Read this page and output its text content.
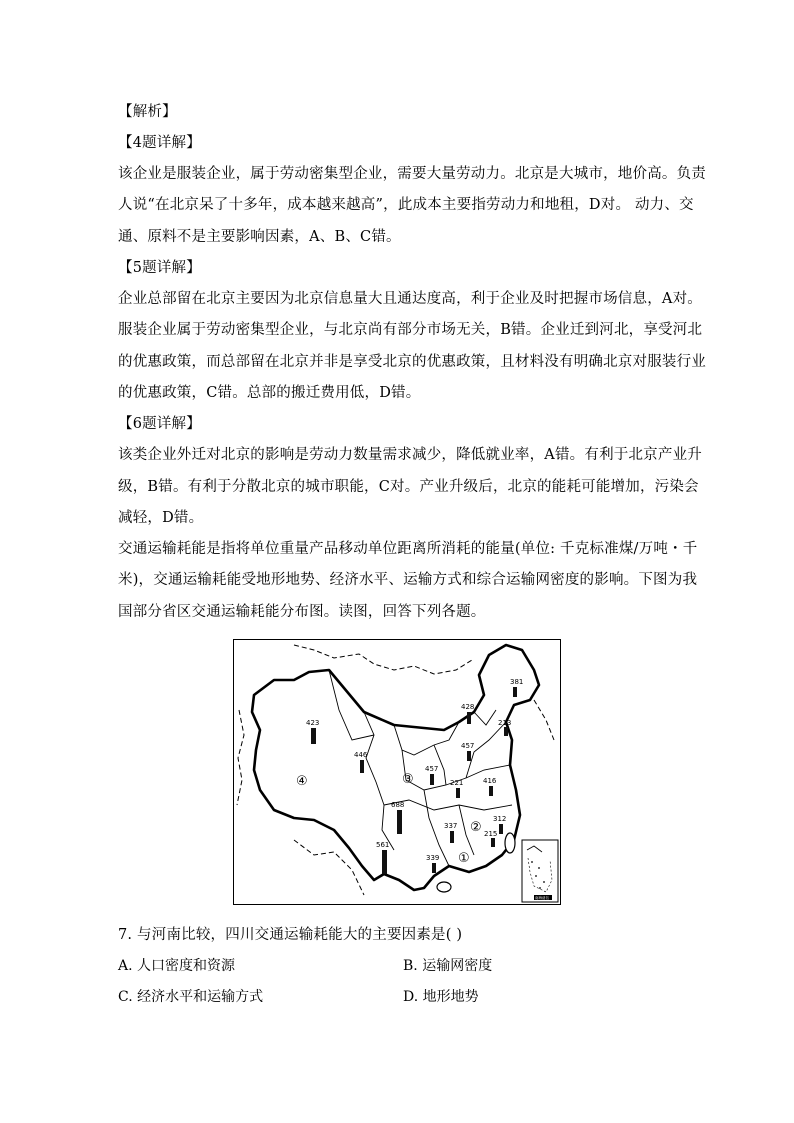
【解析】
【4题详解】
该企业是服装企业，属于劳动密集型企业，需要大量劳动力。北京是大城市，地价高。负责
人说“在北京呆了十多年，成本越来越高”，此成本主要指劳动力和地租，D对。 动力、交
通、原料不是主要影响因素，A、B、C错。
【5题详解】
企业总部留在北京主要因为北京信息量大且通达度高，利于企业及时把握市场信息，A对。
服装企业属于劳动密集型企业，与北京尚有部分市场无关，B错。企业迁到河北，享受河北
的优惠政策，而总部留在北京并非是享受北京的优惠政策，且材料没有明确北京对服装行业
的优惠政策，C错。总部的搬迁费用低，D错。
【6题详解】
该类企业外迁对北京的影响是劳动力数量需求减少，降低就业率，A错。有利于北京产业升
级，B错。有利于分散北京的城市职能，C对。产业升级后，北京的能耗可能增加，污染会
减轻，D错。
交通运输耗能是指将单位重量产品移动单位距离所消耗的能量(单位: 千克标准煤/万吨・千
米)，交通运输耗能受地形地势、经济水平、运输方式和综合运输网密度的影响。下图为我
国部分省区交通运输耗能分布图。读图，回答下列各题。
381
428
213
423
446
457
457
221	416
688
337
312
215
561
339
③
④
②
①
南海诸岛
7. 与河南比较，四川交通运输耗能大的主要因素是( )
A. 人口密度和资源	B. 运输网密度
C. 经济水平和运输方式	D. 地形地势
